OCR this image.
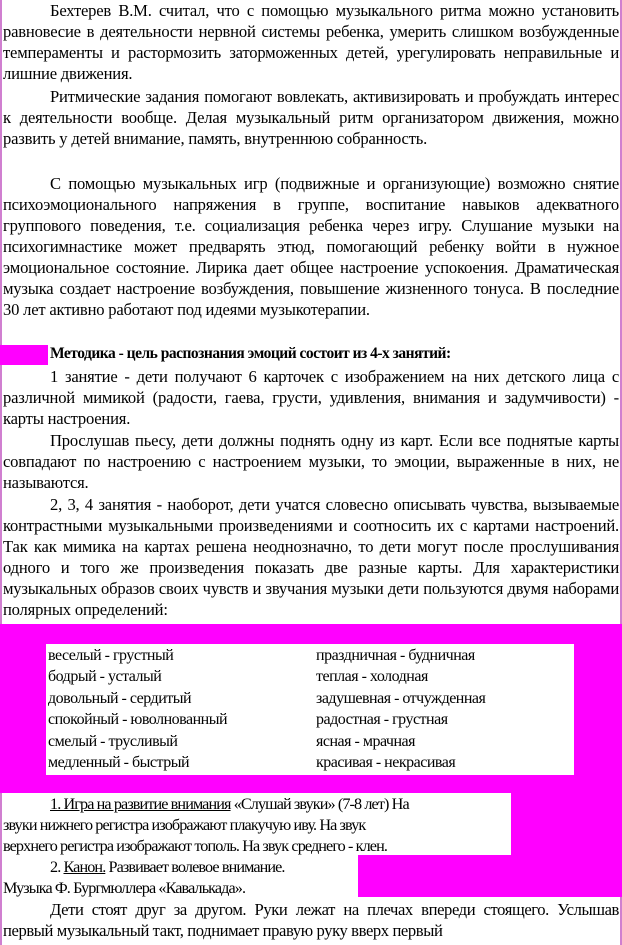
Бехтерев В.М. считал, что с помощью музыкального ритма можно установить равновесие в деятельности нервной системы ребенка, умерить слишком возбужденные темпераменты и растормозить заторможенных детей, урегулировать неправильные и лишние движения.

Ритмические задания помогают вовлекать, активизировать и пробуждать интерес к деятельности вообще. Делая музыкальный ритм организатором движения, можно развить у детей внимание, память, внутреннюю собранность.

С помощью музыкальных игр (подвижные и организующие) возможно снятие психоэмоционального напряжения в группе, воспитание навыков адекватного группового поведения, т.е. социализация ребенка через игру. Слушание музыки на психогимнастике может предварять этюд, помогающий ребенку войти в нужное эмоциональное состояние. Лирика дает общее настроение успокоения. Драматическая музыка создает настроение возбуждения, повышение жизненного тонуса. В последние 30 лет активно работают под идеями музыкотерапии.

Методика - цель распознания эмоций состоит из 4-х занятий:

1 занятие - дети получают 6 карточек с изображением на них детского лица с различной мимикой (радости, гаева, грусти, удивления, внимания и задумчивости) - карты настроения.

Прослушав пьесу, дети должны поднять одну из карт. Если все поднятые карты совпадают по настроению с настроением музыки, то эмоции, выраженные в них, не называются.

2, 3, 4 занятия - наоборот, дети учатся словесно описывать чувства, вызываемые контрастными музыкальными произведениями и соотносить их с картами настроений. Так как мимика на картах решена неоднозначно, то дети могут после прослушивания одного и того же произведения показать две разные карты. Для характеристики музыкальных образов своих чувств и звучания музыки дети пользуются двумя наборами полярных определений:

веселый - грустный
бодрый - усталый
довольный - сердитый
спокойный - юволнованный
смелый - трусливый
медленный - быстрый
праздничная - будничная
теплая - холодная
задушевная - отчужденная
радостная - грустная
ясная - мрачная
красивая - некрасивая
1. Игра на развитие внимания «Слушай звуки» (7-8 лет) На
звуки нижнего регистра изображают плакучую иву. На звук
верхнего регистра изображают тополь. На звук среднего - клен.
2. Канон. Развивает волевое внимание.
Музыка Ф. Бургмюллера «Кавалькада».

Дети стоят друг за другом. Руки лежат на плечах впереди стоящего. Услышав первый музыкальный такт, поднимает правую руку вверх первый
